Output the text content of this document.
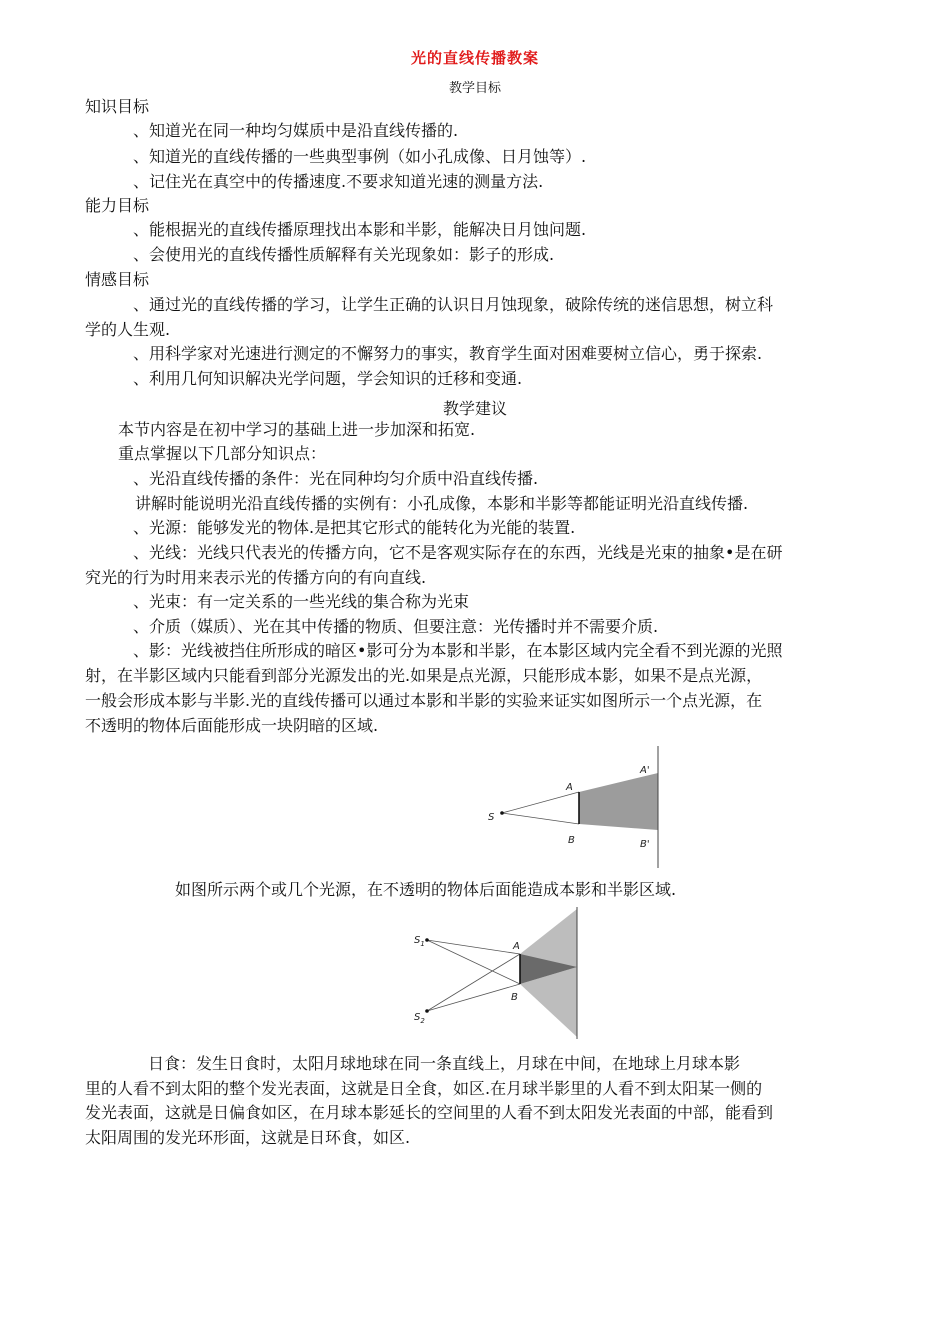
光的直线传播教案
教学目标
知识目标
、知道光在同一种均匀媒质中是沿直线传播的.
、知道光的直线传播的一些典型事例（如小孔成像、日月蚀等）.
、记住光在真空中的传播速度.不要求知道光速的测量方法.
能力目标
、能根据光的直线传播原理找出本影和半影，能解决日月蚀问题.
、会使用光的直线传播性质解释有关光现象如：影子的形成.
情感目标
、通过光的直线传播的学习，让学生正确的认识日月蚀现象，破除传统的迷信思想，树立科
学的人生观.
、用科学家对光速进行测定的不懈努力的事实，教育学生面对困难要树立信心，勇于探索.
、利用几何知识解决光学问题，学会知识的迁移和变通.
教学建议
本节内容是在初中学习的基础上进一步加深和拓宽.
重点掌握以下几部分知识点：
、光沿直线传播的条件：光在同种均匀介质中沿直线传播.
讲解时能说明光沿直线传播的实例有：小孔成像，本影和半影等都能证明光沿直线传播.
、光源：能够发光的物体.是把其它形式的能转化为光能的装置.
、光线：光线只代表光的传播方向，它不是客观实际存在的东西，光线是光束的抽象•是在研
究光的行为时用来表示光的传播方向的有向直线.
、光束：有一定关系的一些光线的集合称为光束
、介质（媒质）、光在其中传播的物质、但要注意：光传播时并不需要介质.
、影：光线被挡住所形成的暗区•影可分为本影和半影，在本影区域内完全看不到光源的光照
射，在半影区域内只能看到部分光源发出的光.如果是点光源，只能形成本影，如果不是点光源，
一般会形成本影与半影.光的直线传播可以通过本影和半影的实验来证实如图所示一个点光源，在
不透明的物体后面能形成一块阴暗的区域.
S
A
B
A'
B'
如图所示两个或几个光源，在不透明的物体后面能造成本影和半影区域.
$S_1$
$S_2$
A
B
日食：发生日食时，太阳月球地球在同一条直线上，月球在中间，在地球上月球本影
里的人看不到太阳的整个发光表面，这就是日全食，如区.在月球半影里的人看不到太阳某一侧的
发光表面，这就是日偏食如区，在月球本影延长的空间里的人看不到太阳发光表面的中部，能看到
太阳周围的发光环形面，这就是日环食，如区.
